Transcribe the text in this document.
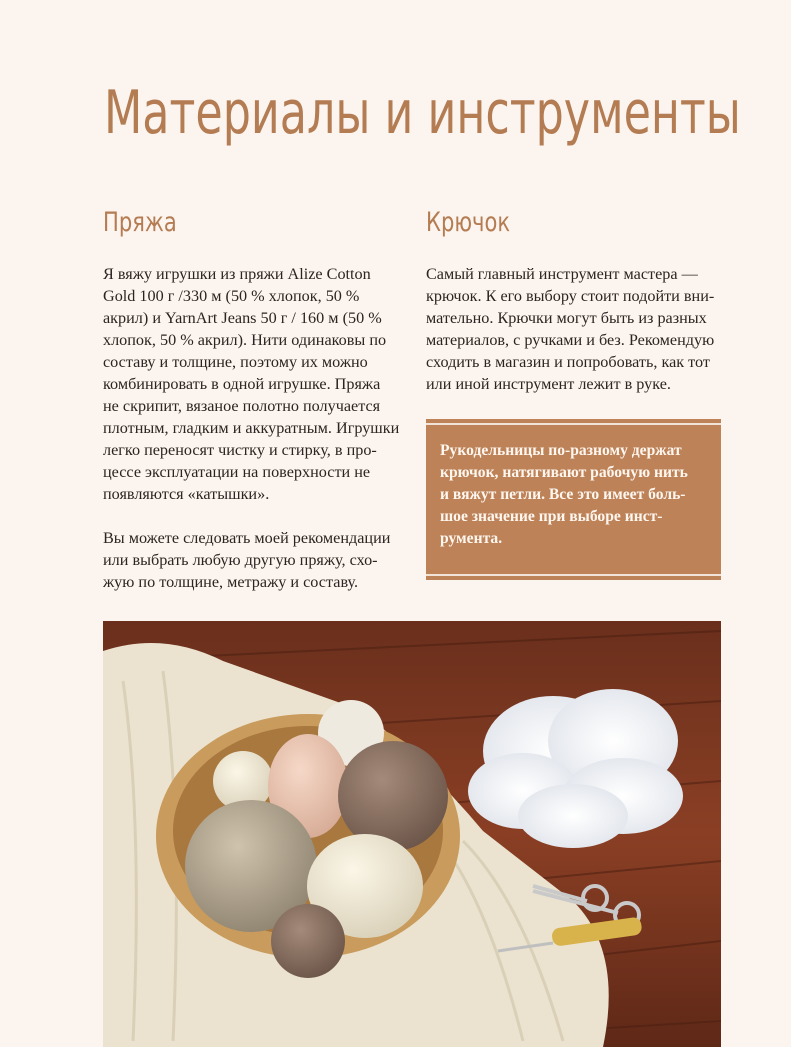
Материалы и инструменты
Пряжа	Крючок

Я вяжу игрушки из пряжи Alize Cotton
Gold 100 г /330 м (50 % хлопок, 50 %
акрил) и YarnArt Jeans 50 г / 160 м (50 %
хлопок, 50 % акрил). Нити одинаковы по
составу и толщине, поэтому их можно
комбинировать в одной игрушке. Пряжа
не скрипит, вязаное полотно получается
плотным, гладким и аккуратным. Игрушки
легко переносят чистку и стирку, в про-
цессе эксплуатации на поверхности не
появляются «катышки».

Вы можете следовать моей рекомендации
или выбрать любую другую пряжу, схо-
жую по толщине, метражу и составу.

Самый главный инструмент мастера —
крючок. К его выбору стоит подойти вни-
мательно. Крючки могут быть из разных
материалов, с ручками и без. Рекомендую
сходить в магазин и попробовать, как тот
или иной инструмент лежит в руке.

Рукодельницы по-разному держат
крючок, натягивают рабочую нить
и вяжут петли. Все это имеет боль-
шое значение при выборе инст-
румента.
